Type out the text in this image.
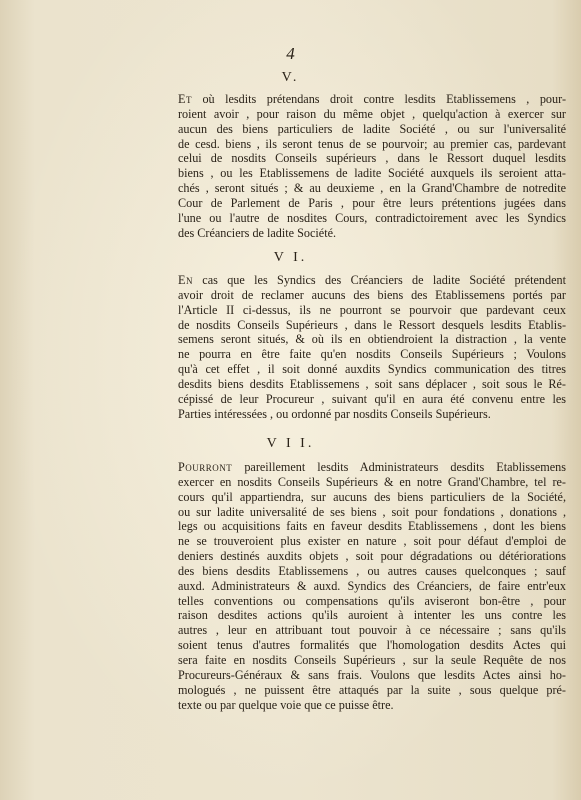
4
V.
Et où lesdits prétendans droit contre lesdits Etablissemens , pour-
roient avoir , pour raison du même objet , quelqu'action à exercer sur
aucun des biens particuliers de ladite Société , ou sur l'universalité
de cesd. biens , ils seront tenus de se pourvoir; au premier cas, pardevant
celui de nosdits Conseils supérieurs , dans le Ressort duquel lesdits
biens , ou les Etablissemens de ladite Société auxquels ils seroient atta-
chés , seront situés ; & au deuxieme , en la Grand'Chambre de notredite
Cour de Parlement de Paris , pour être leurs prétentions jugées dans
l'une ou l'autre de nosdites Cours, contradictoirement avec les Syndics
des Créanciers de ladite Société.
V I.
En cas que les Syndics des Créanciers de ladite Société prétendent
avoir droit de reclamer aucuns des biens des Etablissemens portés par
l'Article II ci-dessus, ils ne pourront se pourvoir que pardevant ceux
de nosdits Conseils Supérieurs , dans le Ressort desquels lesdits Etablis-
semens seront situés, & où ils en obtiendroient la distraction , la vente
ne pourra en être faite qu'en nosdits Conseils Supérieurs ; Voulons
qu'à cet effet , il soit donné auxdits Syndics communication des titres
desdits biens desdits Etablissemens , soit sans déplacer , soit sous le Ré-
cépissé de leur Procureur , suivant qu'il en aura été convenu entre les
Parties intéressées , ou ordonné par nosdits Conseils Supérieurs.
V I I.
Pourront pareillement lesdits Administrateurs desdits Etablissemens
exercer en nosdits Conseils Supérieurs & en notre Grand'Chambre, tel re-
cours qu'il appartiendra, sur aucuns des biens particuliers de la Société,
ou sur ladite universalité de ses biens , soit pour fondations , donations ,
legs ou acquisitions faits en faveur desdits Etablissemens , dont les biens
ne se trouveroient plus exister en nature , soit pour défaut d'emploi de
deniers destinés auxdits objets , soit pour dégradations ou détériorations
des biens desdits Etablissemens , ou autres causes quelconques ; sauf
auxd. Administrateurs & auxd. Syndics des Créanciers, de faire entr'eux
telles conventions ou compensations qu'ils aviseront bon-être , pour
raison desdites actions qu'ils auroient à intenter les uns contre les
autres , leur en attribuant tout pouvoir à ce nécessaire ; sans qu'ils
soient tenus d'autres formalités que l'homologation desdits Actes qui
sera faite en nosdits Conseils Supérieurs , sur la seule Requête de nos
Procureurs-Généraux & sans frais. Voulons que lesdits Actes ainsi ho-
mologués , ne puissent être attaqués par la suite , sous quelque pré-
texte ou par quelque voie que ce puisse être.
